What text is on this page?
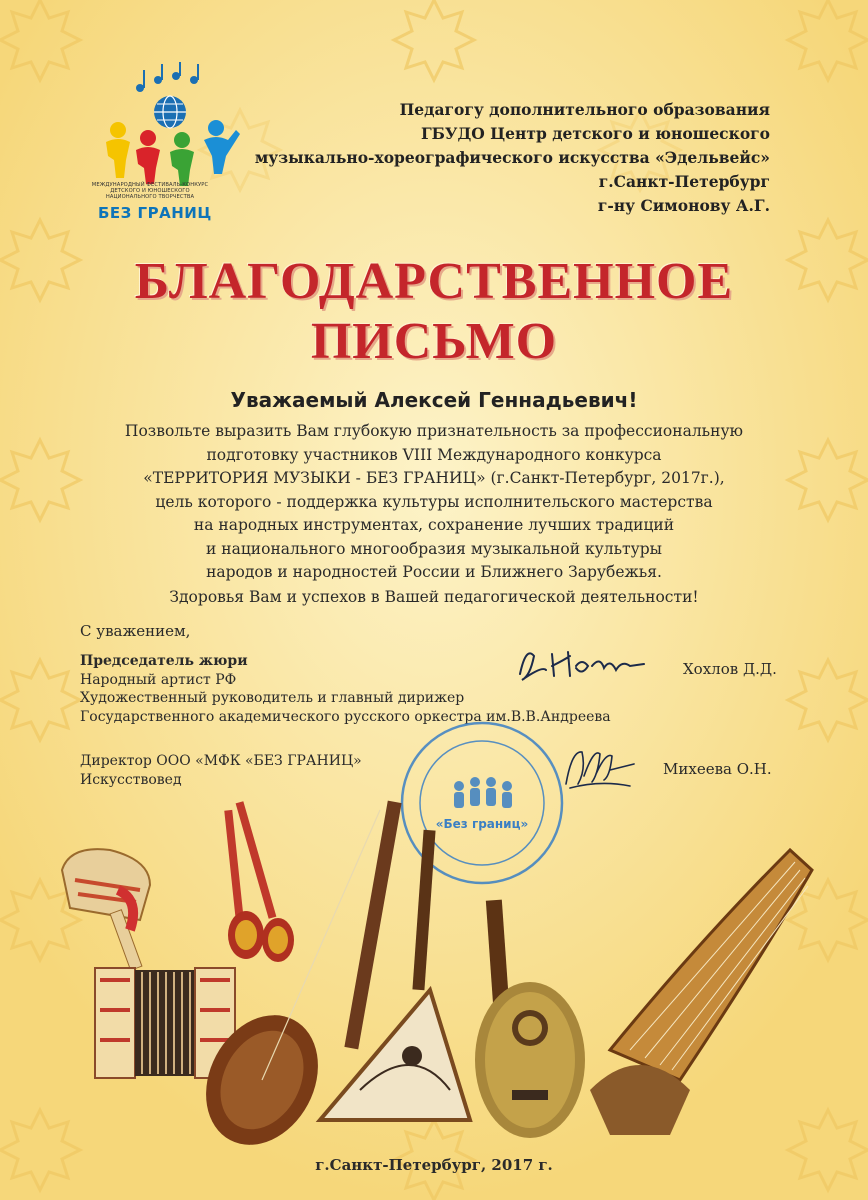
МЕЖДУНАРОДНЫЙ ФЕСТИВАЛЬ-КОНКУРС
ДЕТСКОГО И ЮНОШЕСКОГО
НАЦИОНАЛЬНОГО ТВОРЧЕСТВА
БЕЗ ГРАНИЦ
Педагогу дополнительного образования
ГБУДО Центр детского и юношеского
музыкально-хореографического искусства «Эдельвейс»
г.Санкт-Петербург
г-ну Симонову А.Г.
БЛАГОДАРСТВЕННОЕ
ПИСЬМО
Уважаемый Алексей Геннадьевич!
Позвольте выразить Вам глубокую признательность за профессиональную
подготовку участников VIII Международного конкурса
«ТЕРРИТОРИЯ МУЗЫКИ - БЕЗ ГРАНИЦ» (г.Санкт-Петербург, 2017г.),
цель которого - поддержка культуры исполнительского мастерства
на народных инструментах, сохранение лучших традиций
и национального многообразия музыкальной культуры
народов и народностей России и Ближнего Зарубежья.
Здоровья Вам и успехов в Вашей педагогической деятельности!
С уважением,
Председатель жюри
Народный артист РФ
Художественный руководитель и главный дирижер
Государственного академического русского оркестра им.В.В.Андреева
Хохлов Д.Д.
Директор ООО «МФК «БЕЗ ГРАНИЦ»
Искусствовед
Михеева О.Н.
«Без границ»
г.Санкт-Петербург, 2017 г.
